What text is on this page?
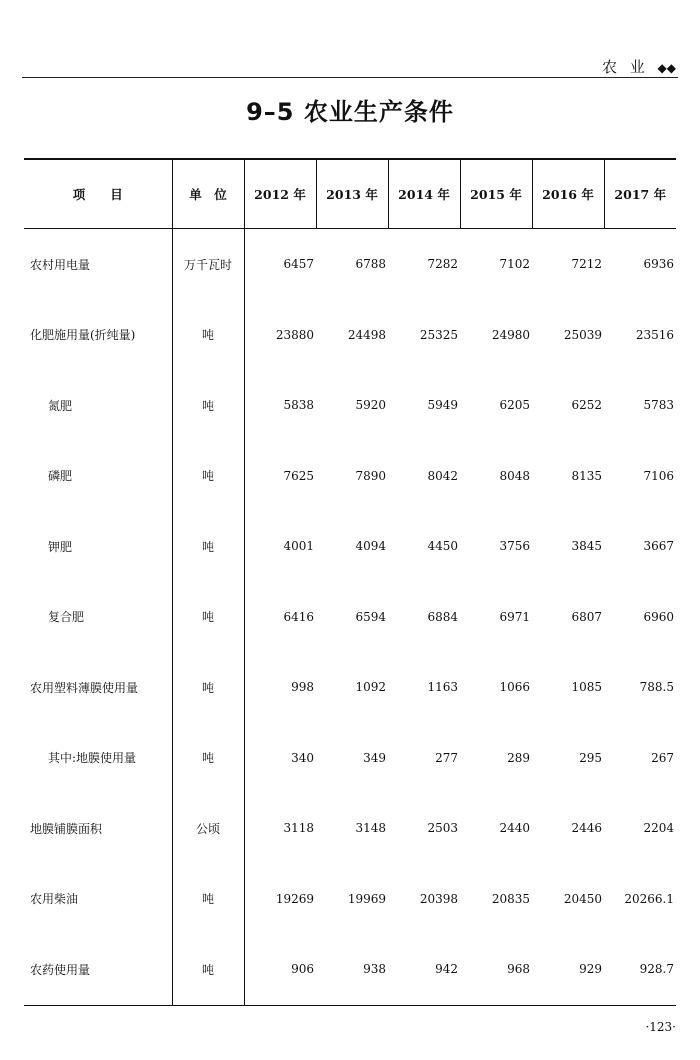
农 业 ◆◆
9–5 农业生产条件
项　　目	单　位	2012 年	2013 年	2014 年	2015 年	2016 年	2017 年
农村用电量	万千瓦时	6457	6788	7282	7102	7212	6936
化肥施用量(折纯量)	吨	23880	24498	25325	24980	25039	23516
氮肥	吨	5838	5920	5949	6205	6252	5783
磷肥	吨	7625	7890	8042	8048	8135	7106
钾肥	吨	4001	4094	4450	3756	3845	3667
复合肥	吨	6416	6594	6884	6971	6807	6960
农用塑料薄膜使用量	吨	998	1092	1163	1066	1085	788.5
其中:地膜使用量	吨	340	349	277	289	295	267
地膜铺膜面积	公顷	3118	3148	2503	2440	2446	2204
农用柴油	吨	19269	19969	20398	20835	20450	20266.1
农药使用量	吨	906	938	942	968	929	928.7
·123·
